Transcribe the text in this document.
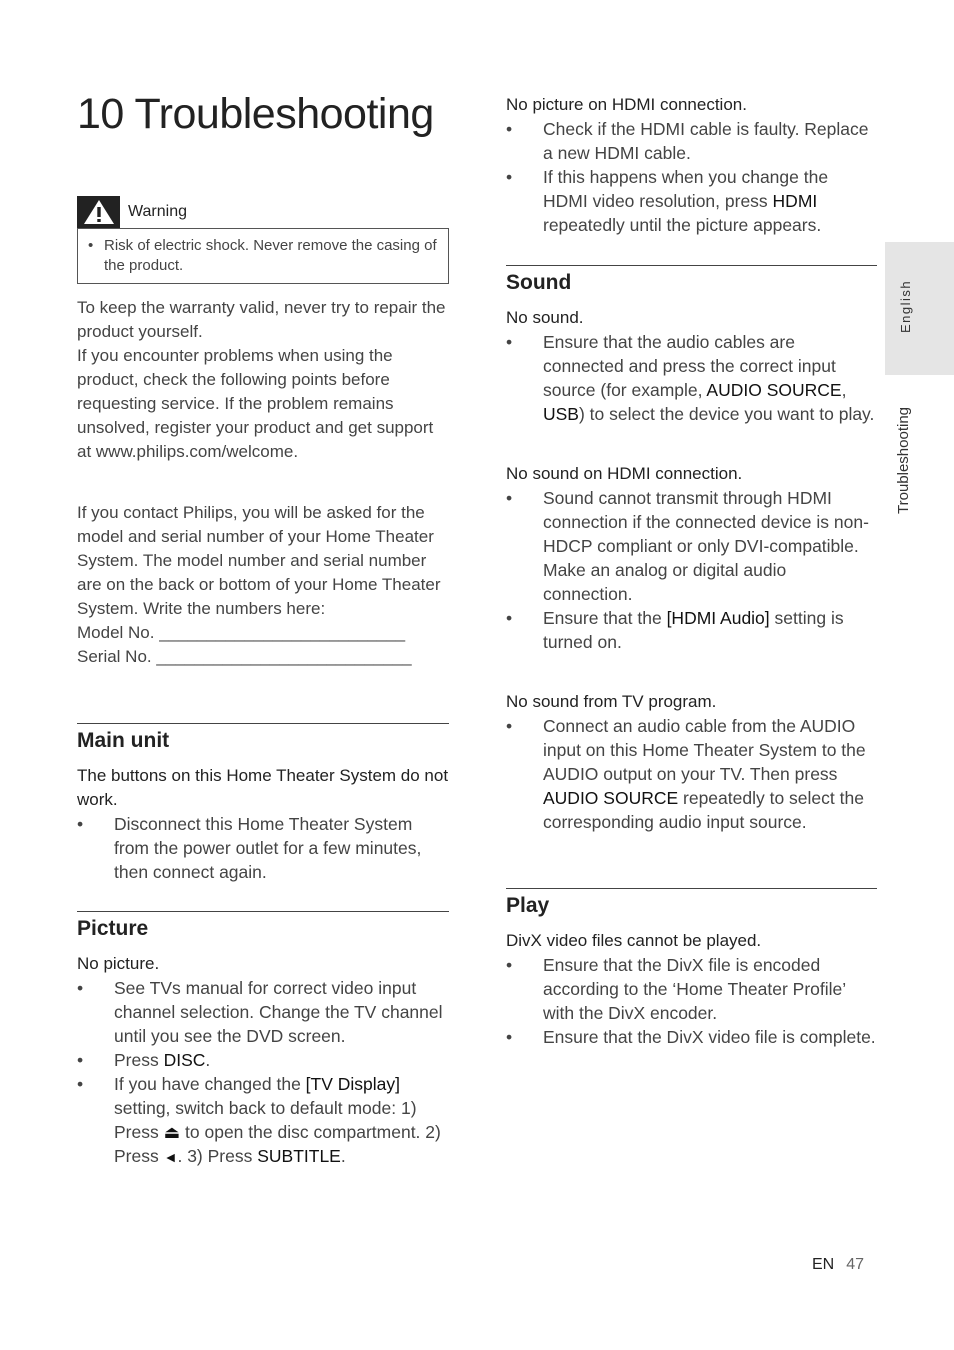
10 Troubleshooting
Warning
• Risk of electric shock. Never remove the casing of the product.

To keep the warranty valid, never try to repair the product yourself.

If you encounter problems when using the product, check the following points before requesting service. If the problem remains unsolved, register your product and get support at www.philips.com/welcome.

If you contact Philips, you will be asked for the model and serial number of your Home Theater System. The model number and serial number are on the back or bottom of your Home Theater System. Write the numbers here:

Model No. __________________________

Serial No. ___________________________

Main unit

The buttons on this Home Theater System do not work.

•	Disconnect this Home Theater System from the power outlet for a few minutes, then connect again.
Picture

No picture.

•	See TVs manual for correct video input channel selection. Change the TV channel until you see the DVD screen.
•	Press DISC.
•	If you have changed the [TV Display] setting, switch back to default mode: 1) Press ⏏ to open the disc compartment. 2) Press ◄. 3) Press SUBTITLE.

No picture on HDMI connection.

•	Check if the HDMI cable is faulty. Replace a new HDMI cable.
•	If this happens when you change the HDMI video resolution, press HDMI repeatedly until the picture appears.
Sound

No sound.

•	Ensure that the audio cables are connected and press the correct input source (for example, AUDIO SOURCE, USB) to select the device you want to play.

No sound on HDMI connection.

•	Sound cannot transmit through HDMI connection if the connected device is non-HDCP compliant or only DVI-compatible. Make an analog or digital audio connection.
•	Ensure that the [HDMI Audio] setting is turned on.

No sound from TV program.

•	Connect an audio cable from the AUDIO input on this Home Theater System to the AUDIO output on your TV. Then press AUDIO SOURCE repeatedly to select the corresponding audio input source.
Play

DivX video files cannot be played.

•	Ensure that the DivX file is encoded according to the ‘Home Theater Profile’ with the DivX encoder.
•	Ensure that the DivX video file is complete.
English
Troubleshooting
EN 47
